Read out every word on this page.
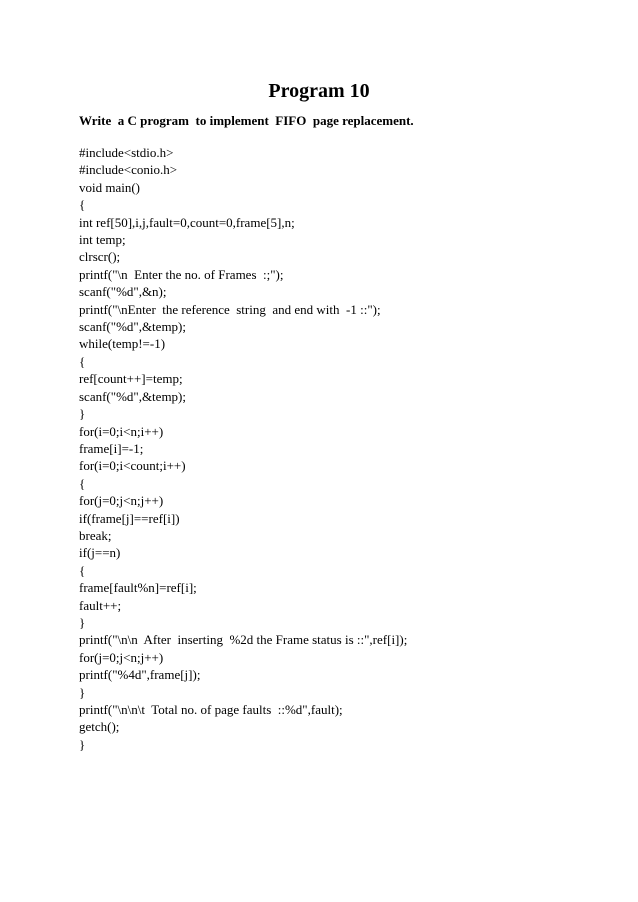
Program 10

Write  a C program  to implement  FIFO  page replacement.

#include<stdio.h>
#include<conio.h>
void main()
{
int ref[50],i,j,fault=0,count=0,frame[5],n;
int temp;
clrscr();
printf("\n  Enter the no. of Frames  :;");
scanf("%d",&n);
printf("\nEnter  the reference  string  and end with  -1 ::");
scanf("%d",&temp);
while(temp!=-1)
{
ref[count++]=temp;
scanf("%d",&temp);
}
for(i=0;i<n;i++)
frame[i]=-1;
for(i=0;i<count;i++)
{
for(j=0;j<n;j++)
if(frame[j]==ref[i])
break;
if(j==n)
{
frame[fault%n]=ref[i];
fault++;
}
printf("\n\n  After  inserting  %2d the Frame status is ::",ref[i]);
for(j=0;j<n;j++)
printf("%4d",frame[j]);
}
printf("\n\n\t  Total no. of page faults  ::%d",fault);
getch();
}
